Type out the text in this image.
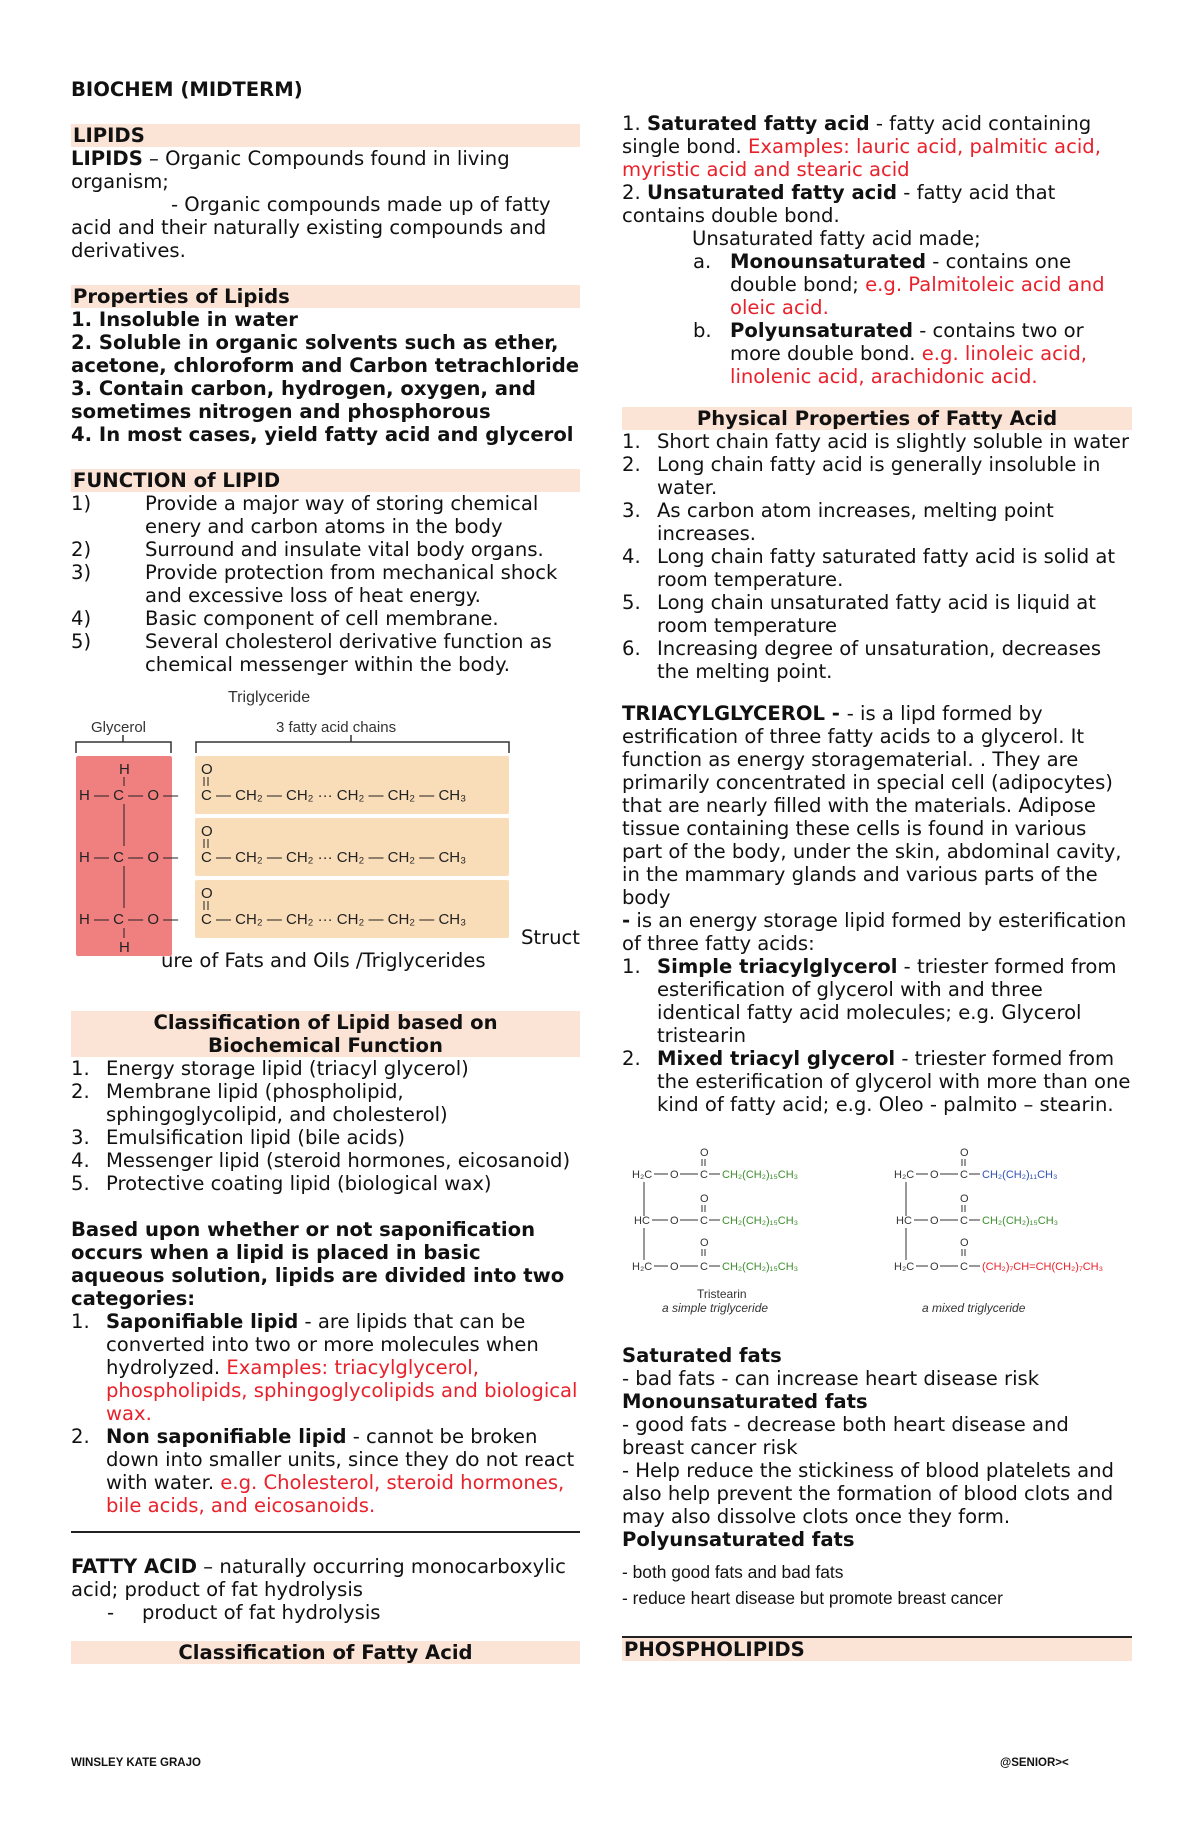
BIOCHEM (MIDTERM)

LIPIDS

LIPIDS – Organic Compounds found in living organism;

- Organic compounds made up of fatty acid and their naturally existing compounds and derivatives.

Properties of Lipids

1. Insoluble in water

2. Soluble in organic solvents such as ether, acetone, chloroform and Carbon tetrachloride

3. Contain carbon, hydrogen, oxygen, and sometimes nitrogen and phosphorous

4. In most cases, yield fatty acid and glycerol

FUNCTION of LIPID

1)	Provide a major way of storing chemical enery and carbon atoms in the body
2)	Surround and insulate vital body organs.
3)	Provide protection from mechanical shock and excessive loss of heat energy.
4)	Basic component of cell membrane.
5)	Several cholesterol derivative function as chemical messenger within the body.
Triglyceride
Glycerol	3 fatty acid chains
H
H — C — O —
H — C — O —
H — C — O —
H
O
O
O
C — CH₂ — CH₂ ··· CH₂ — CH₂ — CH₃
C — CH₂ — CH₂ ··· CH₂ — CH₂ — CH₃
C — CH₂ — CH₂ ··· CH₂ — CH₂ — CH₃

Struct

ure of Fats and Oils /Triglycerides

Classification of Lipid based on
Biochemical Function
1. Energy storage lipid (triacyl glycerol)
2. Membrane lipid (phospholipid, sphingoglycolipid, and cholesterol)
3. Emulsification lipid (bile acids)
4. Messenger lipid (steroid hormones, eicosanoid)
5. Protective coating lipid (biological wax)

Based upon whether or not saponification occurs when a lipid is placed in basic aqueous solution, lipids are divided into two categories:

1. Saponifiable lipid - are lipids that can be converted into two or more molecules when hydrolyzed. Examples: triacylglycerol, phospholipids, sphingoglycolipids and biological wax.
2. Non saponifiable lipid - cannot be broken down into smaller units, since they do not react with water. e.g. Cholesterol, steroid hormones, bile acids, and eicosanoids.

FATTY ACID – naturally occurring monocarboxylic acid; product of fat hydrolysis

- product of fat hydrolysis

Classification of Fatty Acid

1. Saturated fatty acid - fatty acid containing single bond. Examples: lauric acid, palmitic acid, myristic acid and stearic acid

2. Unsaturated fatty acid - fatty acid that contains double bond.

Unsaturated fatty acid made;

a. Monounsaturated - contains one double bond; e.g. Palmitoleic acid and oleic acid.
b. Polyunsaturated - contains two or more double bond. e.g. linoleic acid, linolenic acid, arachidonic acid.

Physical Properties of Fatty Acid

1. Short chain fatty acid is slightly soluble in water
2. Long chain fatty acid is generally insoluble in water.
3. As carbon atom increases, melting point increases.
4. Long chain fatty saturated fatty acid is solid at room temperature.
5. Long chain unsaturated fatty acid is liquid at room temperature
6. Increasing degree of unsaturation, decreases the melting point.

TRIACYLGLYCEROL - - is a lipd formed by estrification of three fatty acids to a glycerol. It function as energy storagematerial. . They are primarily concentrated in special cell (adipocytes) that are nearly filled with the materials. Adipose tissue containing these cells is found in various part of the body, under the skin, abdominal cavity, in the mammary glands and various parts of the body

- is an energy storage lipid formed by esterification of three fatty acids:

1. Simple triacylglycerol - triester formed from esterification of glycerol with and three identical fatty acid molecules; e.g. Glycerol tristearin
2. Mixed triacyl glycerol - triester formed from the esterification of glycerol with more than one kind of fatty acid; e.g. Oleo - palmito – stearin.
O
H₂C O C CH₂(CH₂)₁₅CH₃
O
HC O C CH₂(CH₂)₁₅CH₃
O
H₂C O C CH₂(CH₂)₁₅CH₃
Tristearin
a simple triglyceride
O
H₂C O C CH₂(CH₂)₁₁CH₃
O
HC O C CH₂(CH₂)₁₅CH₃
O
H₂C O C (CH₂)₇CH=CH(CH₂)₇CH₃
a mixed triglyceride

Saturated fats

- bad fats - can increase heart disease risk

Monounsaturated fats

- good fats - decrease both heart disease and breast cancer risk

- Help reduce the stickiness of blood platelets and also help prevent the formation of blood clots and may also dissolve clots once they form.

Polyunsaturated fats

- both good fats and bad fats

- reduce heart disease but promote breast cancer

PHOSPHOLIPIDS

WINSLEY KATE GRAJO	@SENIOR><
